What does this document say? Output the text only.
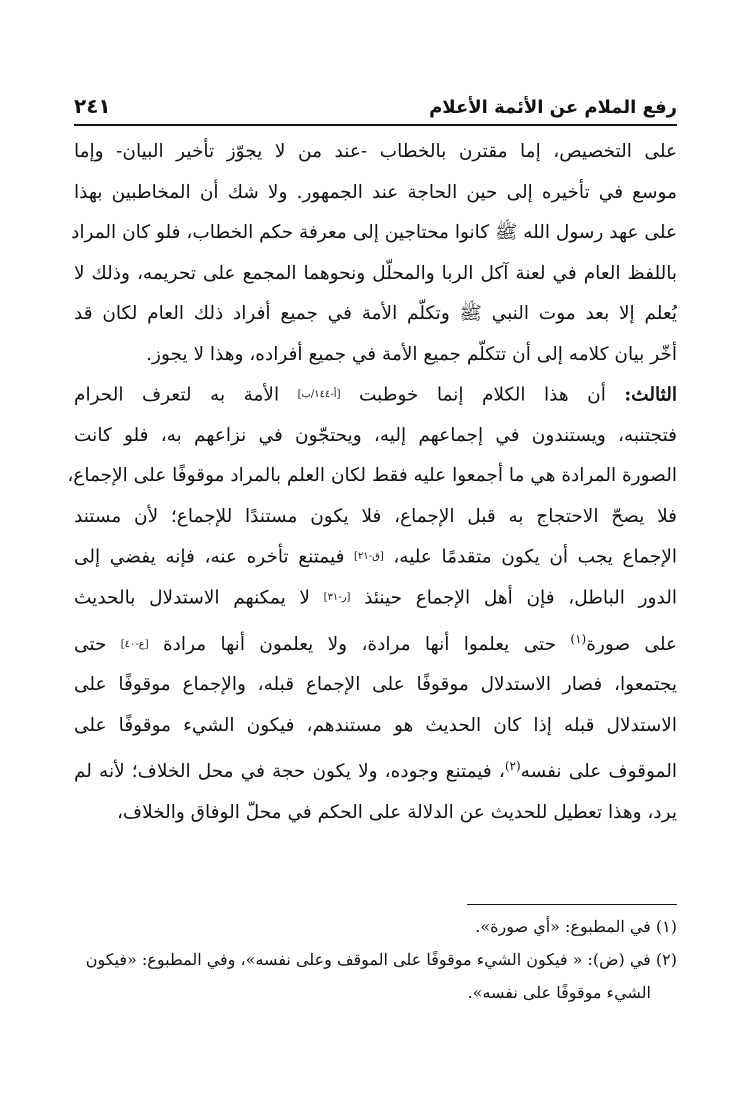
رفع الملام عن الأئمة الأعلام
٢٤١
على التخصيص، إما مقترن بالخطاب -عند من لا يجوّز تأخير البيان- وإما
موسع في تأخيره إلى حين الحاجة عند الجمهور. ولا شك أن المخاطبين بهذا
على عهد رسول الله ﷺ كانوا محتاجين إلى معرفة حكم الخطاب، فلو كان المراد
باللفظ العام في لعنة آكل الربا والمحلّل ونحوهما المجمع على تحريمه، وذلك لا
يُعلم إلا بعد موت النبي ﷺ وتكلّم الأمة في جميع أفراد ذلك العام لكان قد
أخّر بيان كلامه إلى أن تتكلّم جميع الأمة في جميع أفراده، وهذا لا يجوز.
الثالث: أن هذا الكلام إنما خوطبت [أ-١٤٤/ب] الأمة به لتعرف الحرام
فتجتنبه، ويستندون في إجماعهم إليه، ويحتجّون في نزاعهم به، فلو كانت
الصورة المرادة هي ما أجمعوا عليه فقط لكان العلم بالمراد موقوفًا على الإجماع،
فلا يصحّ الاحتجاج به قبل الإجماع، فلا يكون مستندًا للإجماع؛ لأن مستند
الإجماع يجب أن يكون متقدمًا عليه، [ق-٢١] فيمتنع تأخره عنه، فإنه يفضي إلى
الدور الباطل، فإن أهل الإجماع حينئذ [ر-٣١] لا يمكنهم الاستدلال بالحديث
على صورة$^{(١)}$ حتى يعلموا أنها مرادة، ولا يعلمون أنها مرادة [ع-٤٠] حتى
يجتمعوا، فصار الاستدلال موقوفًا على الإجماع قبله، والإجماع موقوفًا على
الاستدلال قبله إذا كان الحديث هو مستندهم، فيكون الشيء موقوفًا على
الموقوف على نفسه$^{(٢)}$، فيمتنع وجوده، ولا يكون حجة في محل الخلاف؛ لأنه لم
يرد، وهذا تعطيل للحديث عن الدلالة على الحكم في محلّ الوفاق والخلاف،
(١) في المطبوع: «أي صورة».
(٢) في (ض): « فيكون الشيء موقوفًا على الموقف وعلى نفسه»، وفي المطبوع: «فيكون
الشيء موقوفًا على نفسه».
